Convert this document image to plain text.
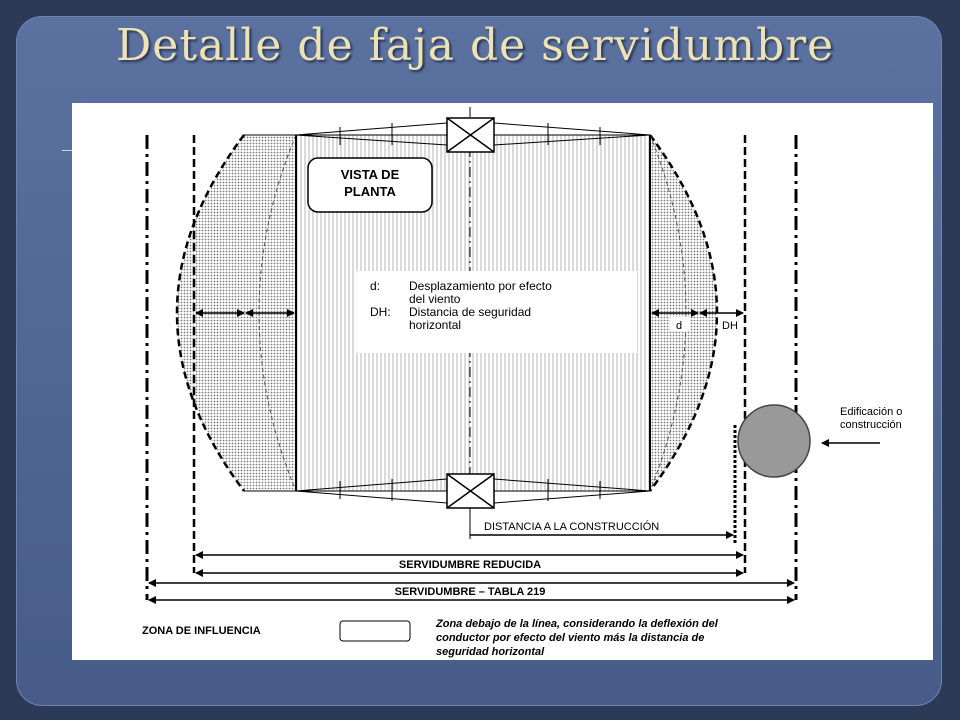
Detalle de faja de servidumbre
VISTA DE
PLANTA
d: Desplazamiento por efecto
del viento
DH: Distancia de seguridad
horizontal	d	DH
Edificación o
construcción
DISTANCIA A LA CONSTRUCCIÓN
SERVIDUMBRE REDUCIDA
SERVIDUMBRE – TABLA 219
ZONA DE INFLUENCIA
Zona debajo de la línea, considerando la deflexión del
conductor por efecto del viento más la distancia de
seguridad horizontal
